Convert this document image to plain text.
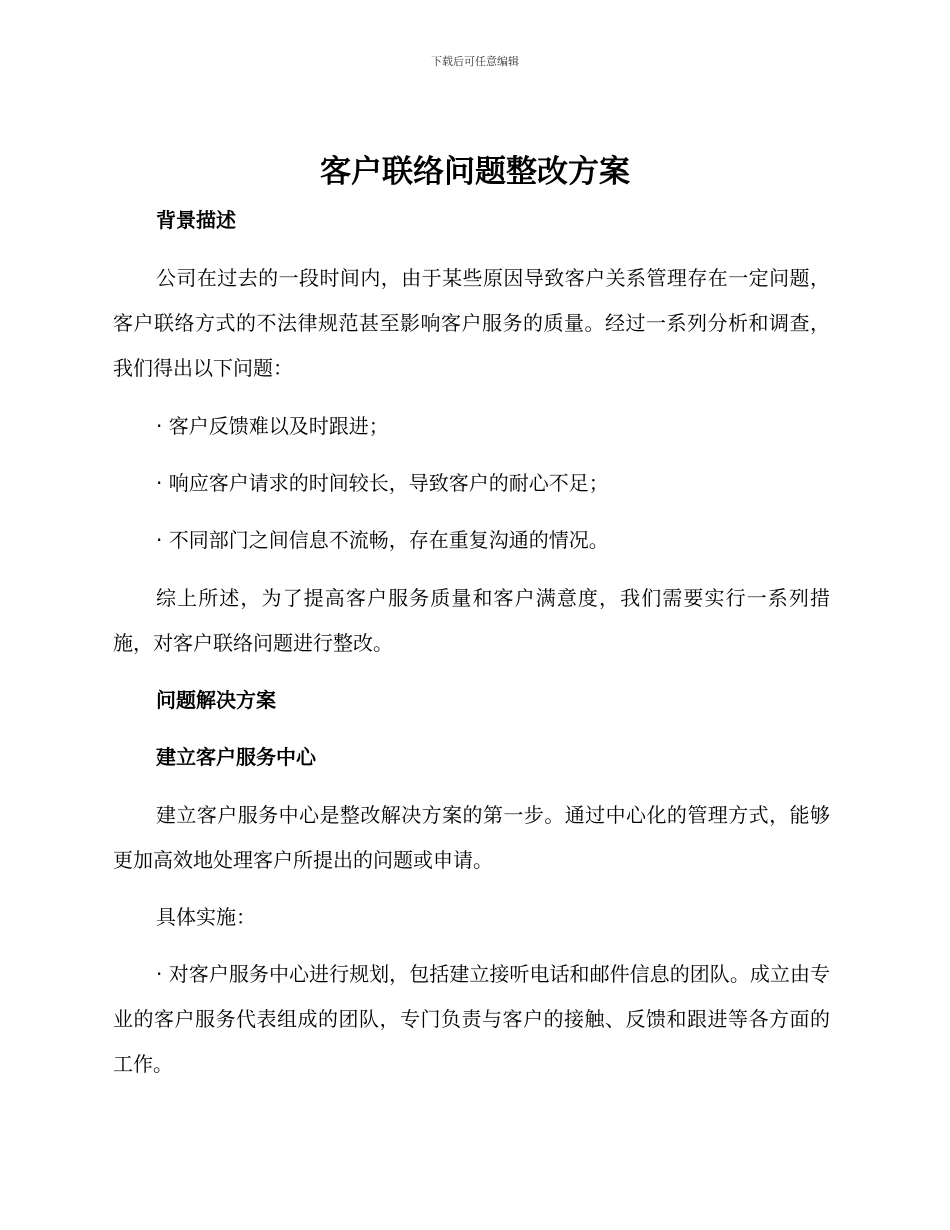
下载后可任意编辑
客户联络问题整改方案

背景描述

公司在过去的一段时间内，由于某些原因导致客户关系管理存在一定问题，客户联络方式的不法律规范甚至影响客户服务的质量。经过一系列分析和调查，我们得出以下问题：

· 客户反馈难以及时跟进；

· 响应客户请求的时间较长，导致客户的耐心不足；

· 不同部门之间信息不流畅，存在重复沟通的情况。

综上所述，为了提高客户服务质量和客户满意度，我们需要实行一系列措施，对客户联络问题进行整改。

问题解决方案

建立客户服务中心

建立客户服务中心是整改解决方案的第一步。通过中心化的管理方式，能够更加高效地处理客户所提出的问题或申请。

具体实施：

· 对客户服务中心进行规划，包括建立接听电话和邮件信息的团队。成立由专业的客户服务代表组成的团队，专门负责与客户的接触、反馈和跟进等各方面的工作。
